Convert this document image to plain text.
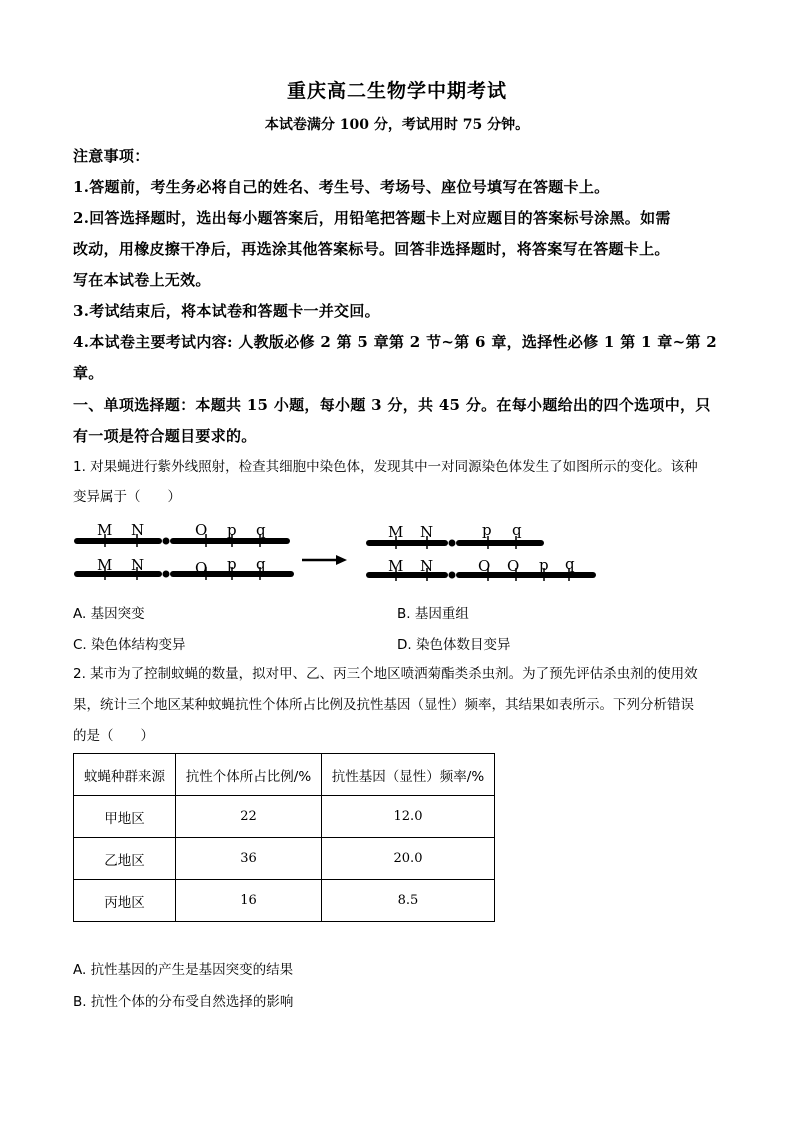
重庆高二生物学中期考试
本试卷满分 100 分，考试用时 75 分钟。
注意事项：
1.答题前，考生务必将自己的姓名、考生号、考场号、座位号填写在答题卡上。
2.回答选择题时，选出每小题答案后，用铅笔把答题卡上对应题目的答案标号涂黑。如需
改动，用橡皮擦干净后，再选涂其他答案标号。回答非选择题时，将答案写在答题卡上。
写在本试卷上无效。
3.考试结束后，将本试卷和答题卡一并交回。
4.本试卷主要考试内容: 人教版必修 2 第 5 章第 2 节~第 6 章，选择性必修 1 第 1 章~第 2
章。
一、单项选择题：本题共 15 小题，每小题 3 分，共 45 分。在每小题给出的四个选项中，只
有一项是符合题目要求的。
1. 对果蝇进行紫外线照射，检查其细胞中染色体，发现其中一对同源染色体发生了如图所示的变化。该种
变异属于（　　）
M N	O p q
M N	O p q
M N	p q
M N	O O p q
A. 基因突变	B. 基因重组
C. 染色体结构变异	D. 染色体数目变异
2. 某市为了控制蚊蝇的数量，拟对甲、乙、丙三个地区喷洒菊酯类杀虫剂。为了预先评估杀虫剂的使用效
果，统计三个地区某种蚊蝇抗性个体所占比例及抗性基因（显性）频率，其结果如表所示。下列分析错误
的是（　　）
蚊蝇种群来源	抗性个体所占比例/%	抗性基因（显性）频率/%
甲地区	22	12.0
乙地区	36	20.0
丙地区	16	8.5
A. 抗性基因的产生是基因突变的结果
B. 抗性个体的分布受自然选择的影响
